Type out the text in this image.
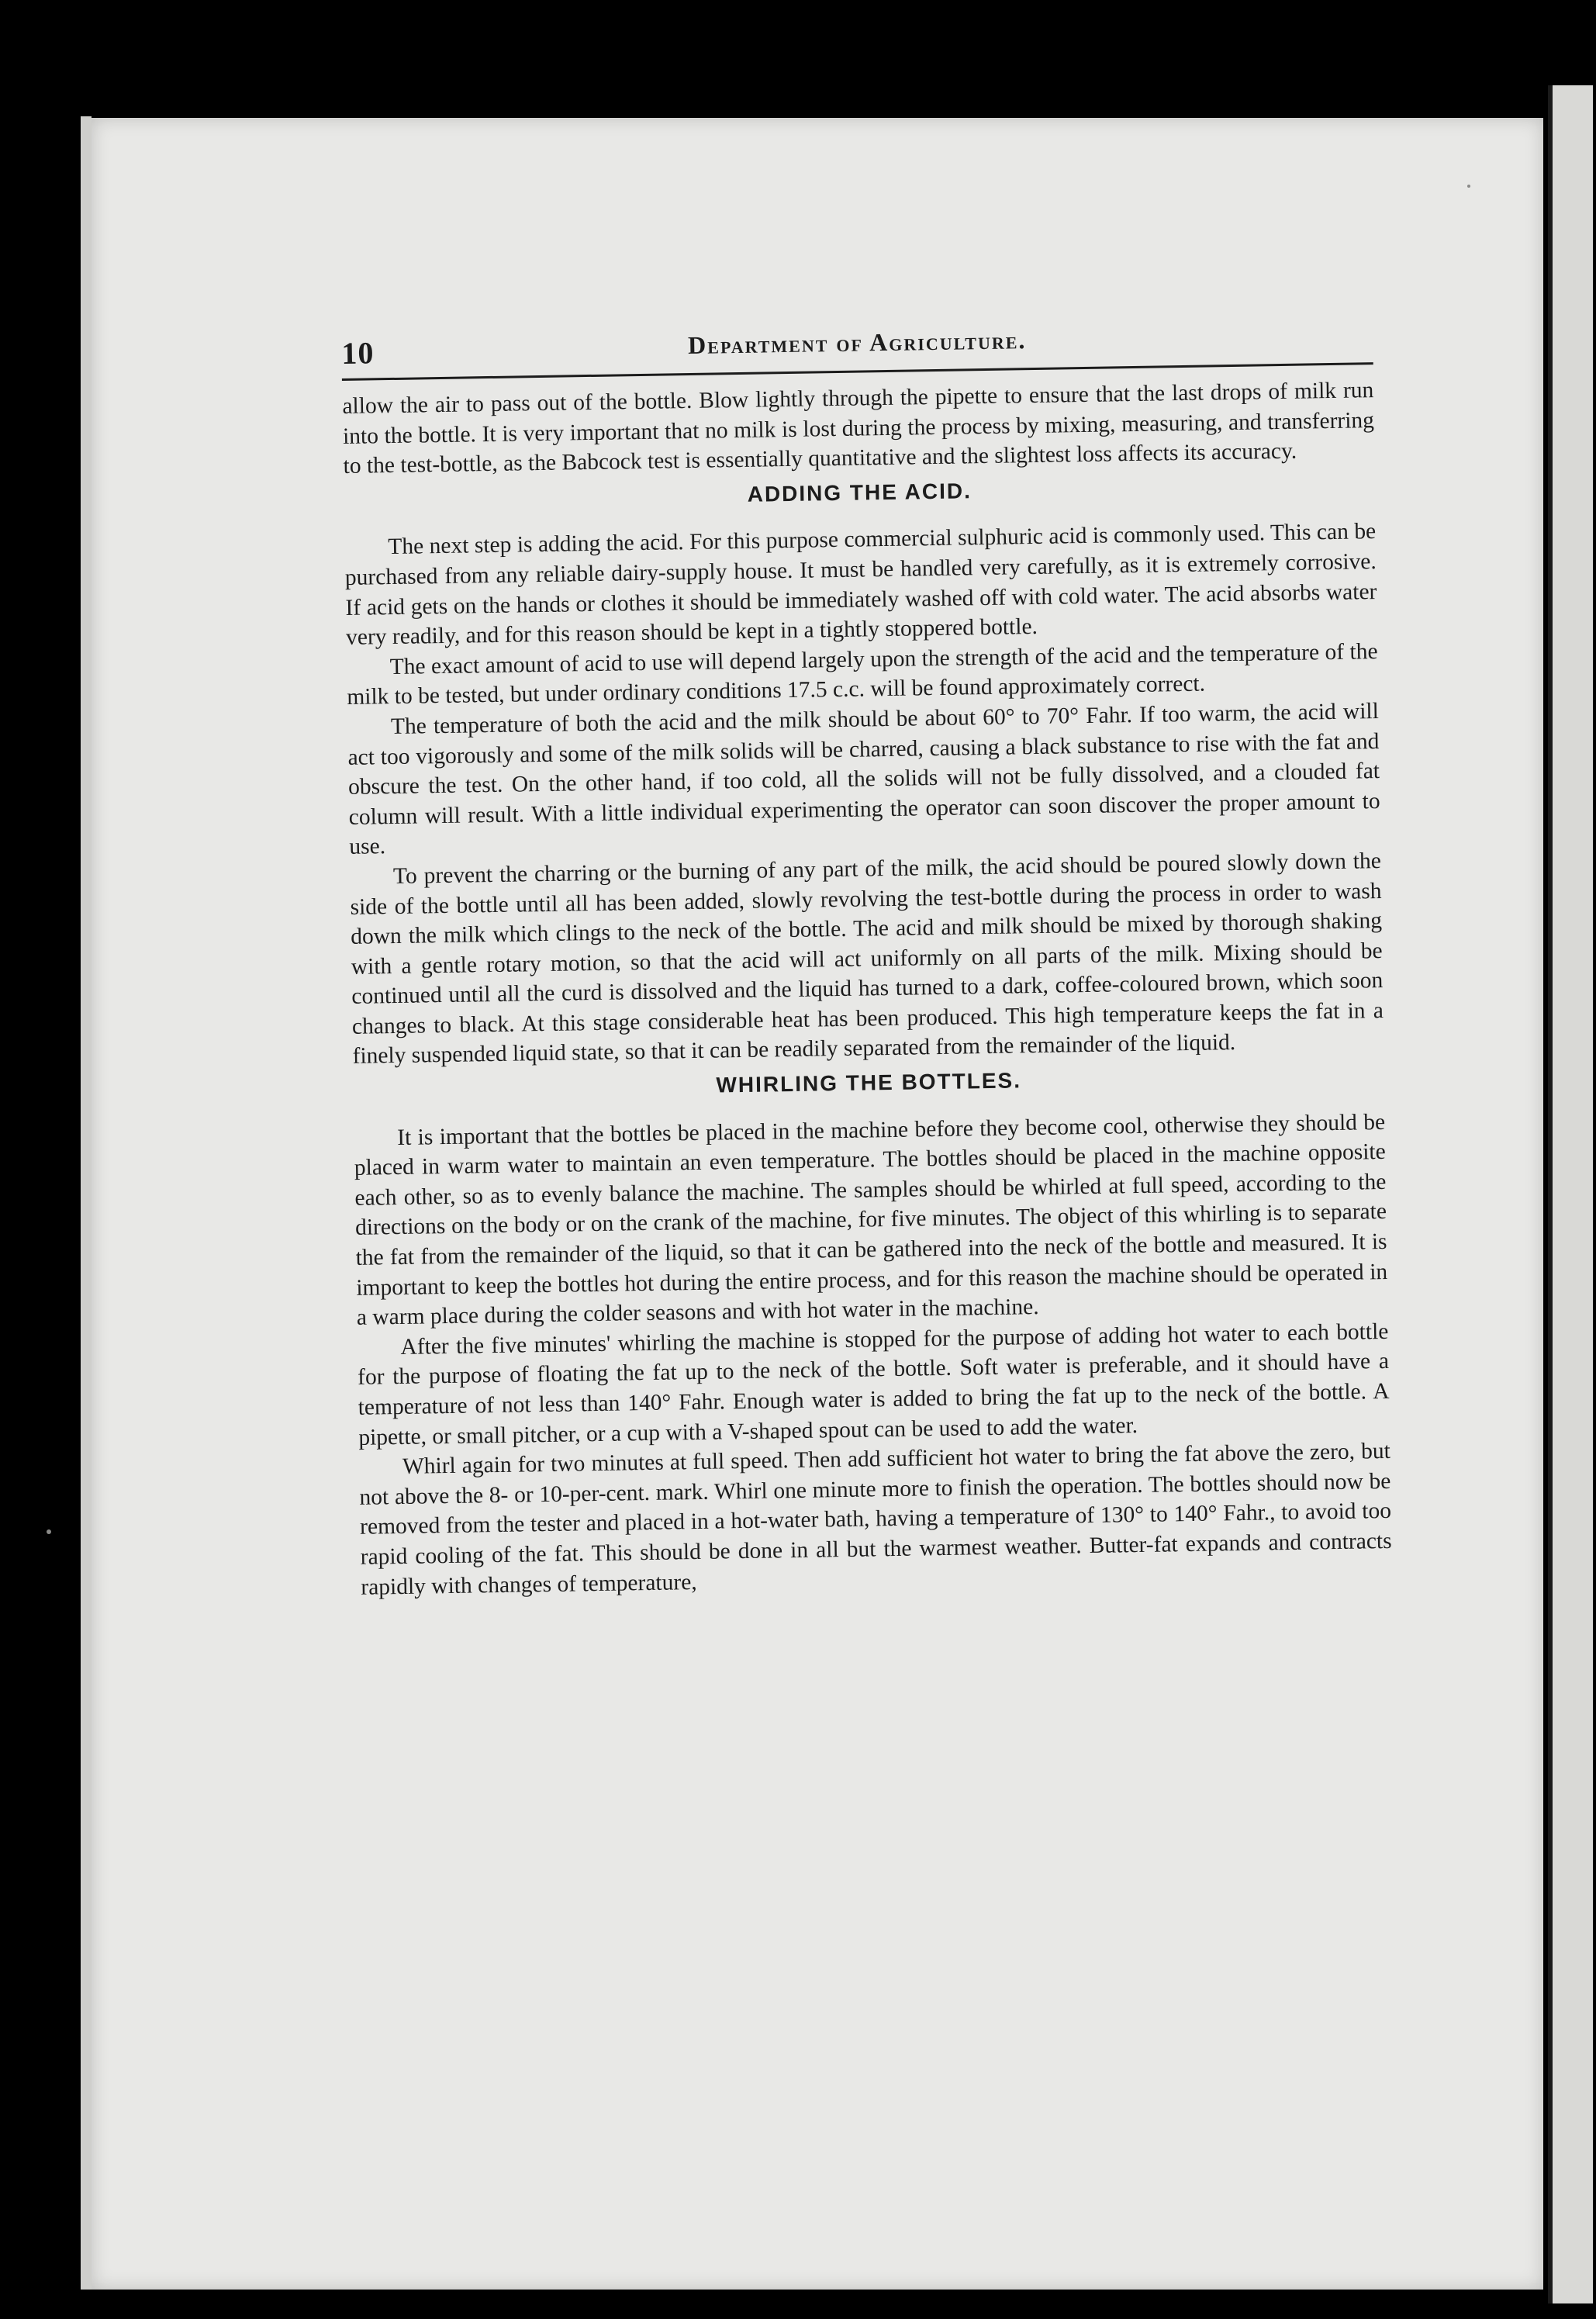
10	Department of Agriculture.

allow the air to pass out of the bottle. Blow lightly through the pipette to ensure that the last drops of milk run into the bottle. It is very important that no milk is lost during the process by mixing, measuring, and transferring to the test-bottle, as the Babcock test is essentially quantitative and the slightest loss affects its accuracy.

ADDING THE ACID.

The next step is adding the acid. For this purpose commercial sulphuric acid is commonly used. This can be purchased from any reliable dairy-supply house. It must be handled very carefully, as it is extremely corrosive. If acid gets on the hands or clothes it should be immediately washed off with cold water. The acid absorbs water very readily, and for this reason should be kept in a tightly stoppered bottle.

The exact amount of acid to use will depend largely upon the strength of the acid and the temperature of the milk to be tested, but under ordinary conditions 17.5 c.c. will be found approximately correct.

The temperature of both the acid and the milk should be about 60° to 70° Fahr. If too warm, the acid will act too vigorously and some of the milk solids will be charred, causing a black substance to rise with the fat and obscure the test. On the other hand, if too cold, all the solids will not be fully dissolved, and a clouded fat column will result. With a little individual experimenting the operator can soon discover the proper amount to use.

To prevent the charring or the burning of any part of the milk, the acid should be poured slowly down the side of the bottle until all has been added, slowly revolving the test-bottle during the process in order to wash down the milk which clings to the neck of the bottle. The acid and milk should be mixed by thorough shaking with a gentle rotary motion, so that the acid will act uniformly on all parts of the milk. Mixing should be continued until all the curd is dissolved and the liquid has turned to a dark, coffee-coloured brown, which soon changes to black. At this stage considerable heat has been produced. This high temperature keeps the fat in a finely suspended liquid state, so that it can be readily separated from the remainder of the liquid.

WHIRLING THE BOTTLES.

It is important that the bottles be placed in the machine before they become cool, otherwise they should be placed in warm water to maintain an even temperature. The bottles should be placed in the machine opposite each other, so as to evenly balance the machine. The samples should be whirled at full speed, according to the directions on the body or on the crank of the machine, for five minutes. The object of this whirling is to separate the fat from the remainder of the liquid, so that it can be gathered into the neck of the bottle and measured. It is important to keep the bottles hot during the entire process, and for this reason the machine should be operated in a warm place during the colder seasons and with hot water in the machine.

After the five minutes' whirling the machine is stopped for the purpose of adding hot water to each bottle for the purpose of floating the fat up to the neck of the bottle. Soft water is preferable, and it should have a temperature of not less than 140° Fahr. Enough water is added to bring the fat up to the neck of the bottle. A pipette, or small pitcher, or a cup with a V-shaped spout can be used to add the water.

Whirl again for two minutes at full speed. Then add sufficient hot water to bring the fat above the zero, but not above the 8- or 10-per-cent. mark. Whirl one minute more to finish the operation. The bottles should now be removed from the tester and placed in a hot-water bath, having a temperature of 130° to 140° Fahr., to avoid too rapid cooling of the fat. This should be done in all but the warmest weather. Butter-fat expands and contracts rapidly with changes of temperature,
